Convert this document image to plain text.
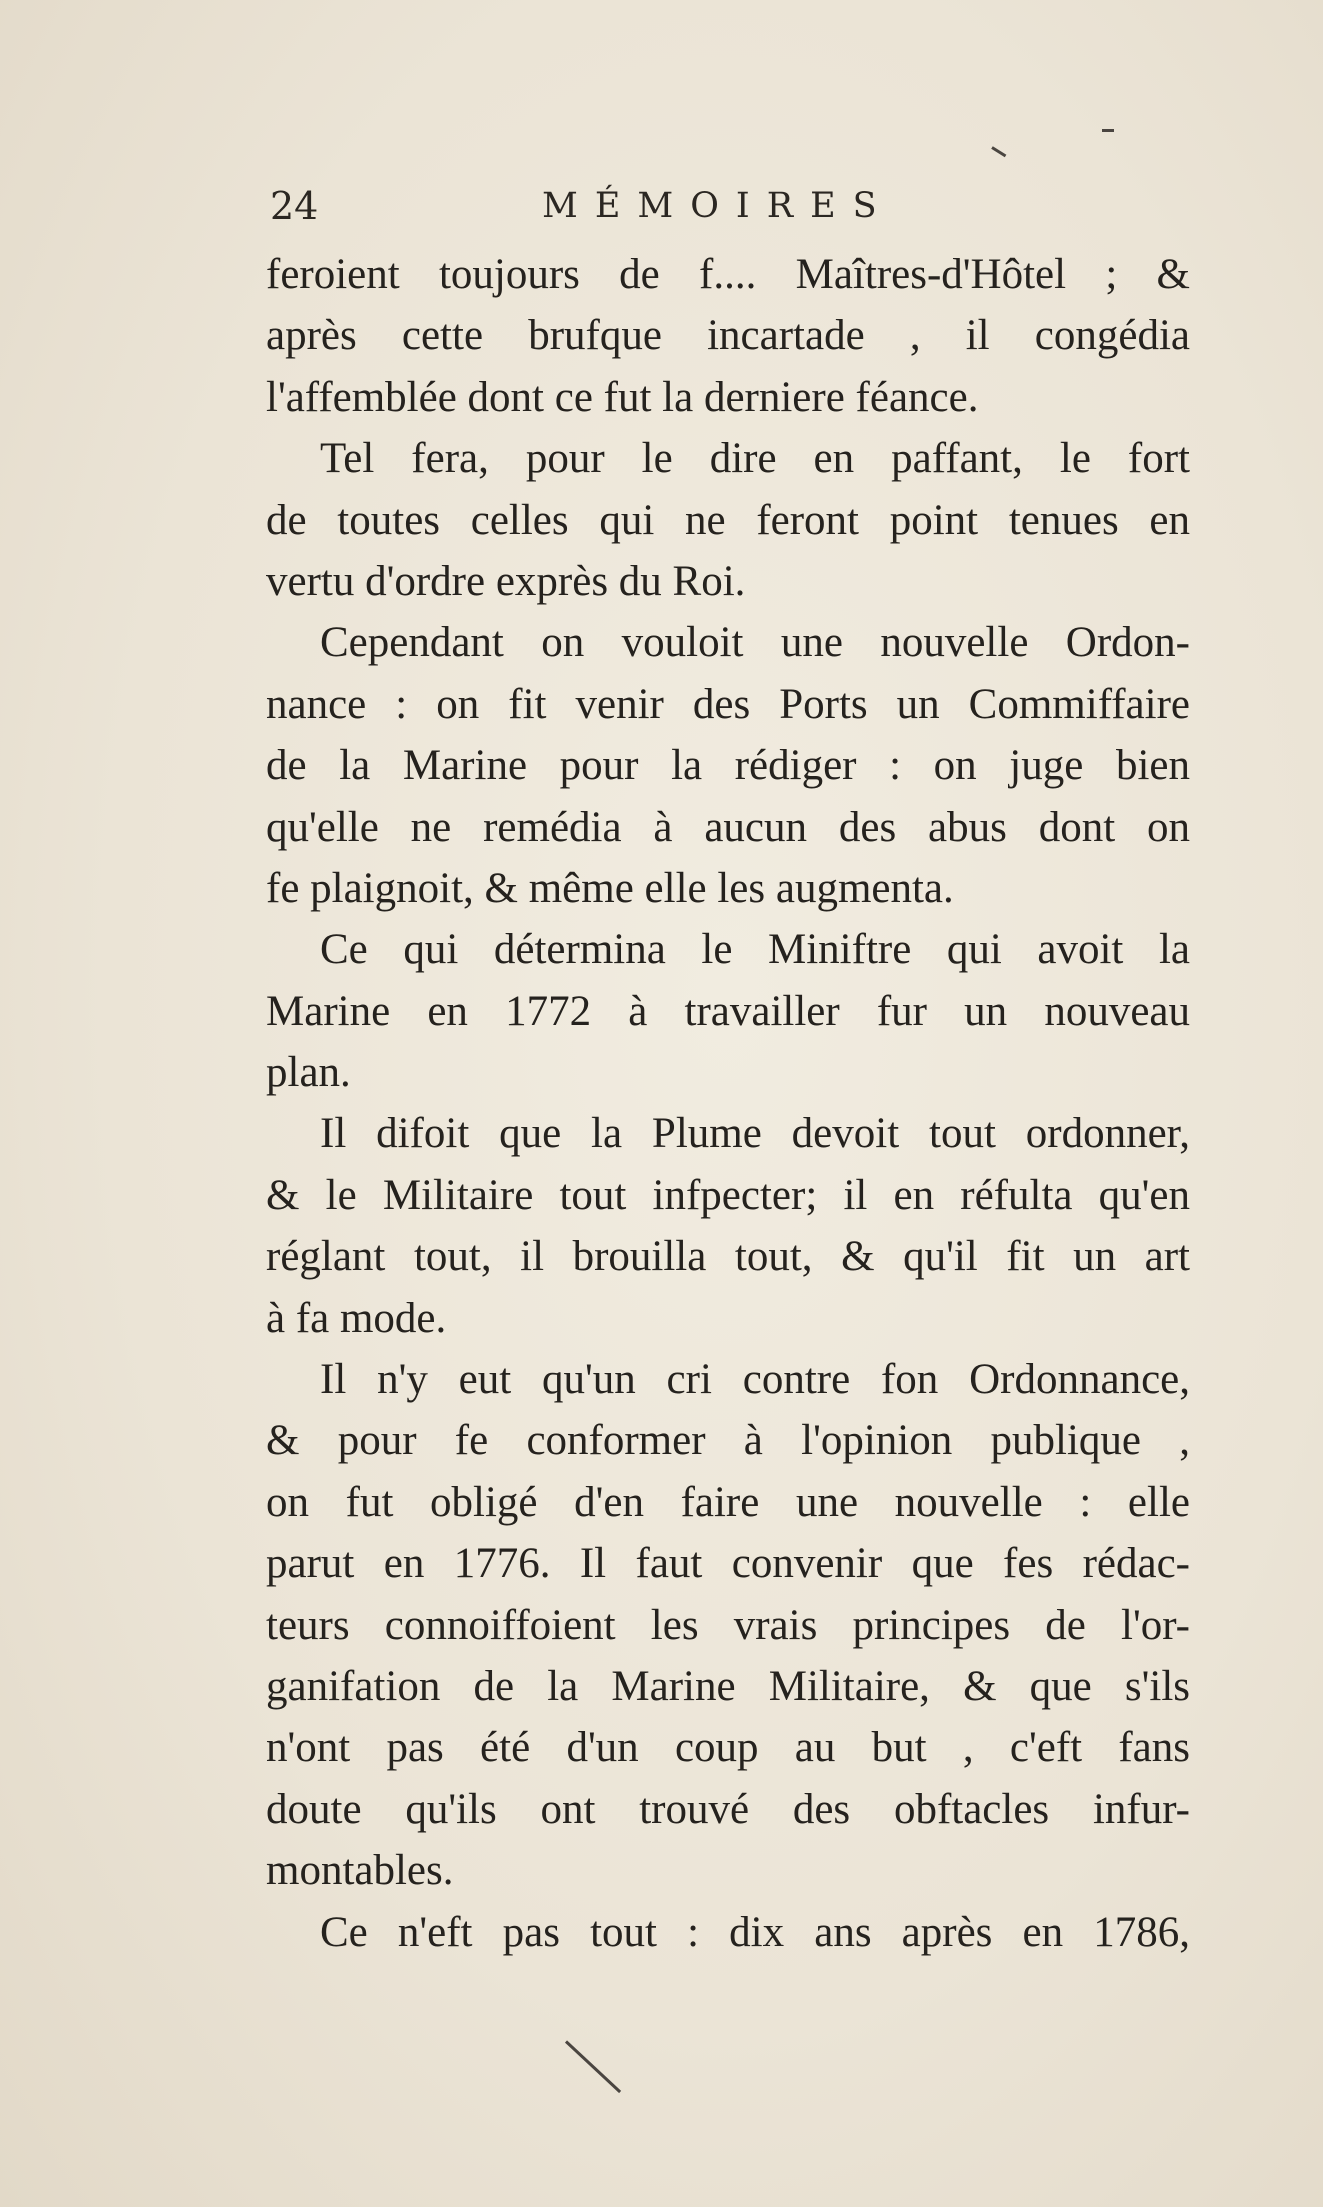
24	MÉMOIRES
feroient toujours de f.... Maîtres-d'Hôtel ; &
après cette brufque incartade , il congédia
l'affemblée dont ce fut la derniere féance.
Tel fera, pour le dire en paffant, le fort
de toutes celles qui ne feront point tenues en
vertu d'ordre exprès du Roi.
Cependant on vouloit une nouvelle Ordon-
nance : on fit venir des Ports un Commiffaire
de la Marine pour la rédiger : on juge bien
qu'elle ne remédia à aucun des abus dont on
fe plaignoit, & même elle les augmenta.
Ce qui détermina le Miniftre qui avoit la
Marine en 1772 à travailler fur un nouveau
plan.
Il difoit que la Plume devoit tout ordonner,
& le Militaire tout infpecter; il en réfulta qu'en
réglant tout, il brouilla tout, & qu'il fit un art
à fa mode.
Il n'y eut qu'un cri contre fon Ordonnance,
& pour fe conformer à l'opinion publique ,
on fut obligé d'en faire une nouvelle : elle
parut en 1776. Il faut convenir que fes rédac-
teurs connoiffoient les vrais principes de l'or-
ganifation de la Marine Militaire, & que s'ils
n'ont pas été d'un coup au but , c'eft fans
doute qu'ils ont trouvé des obftacles infur-
montables.
Ce n'eft pas tout : dix ans après en 1786,
